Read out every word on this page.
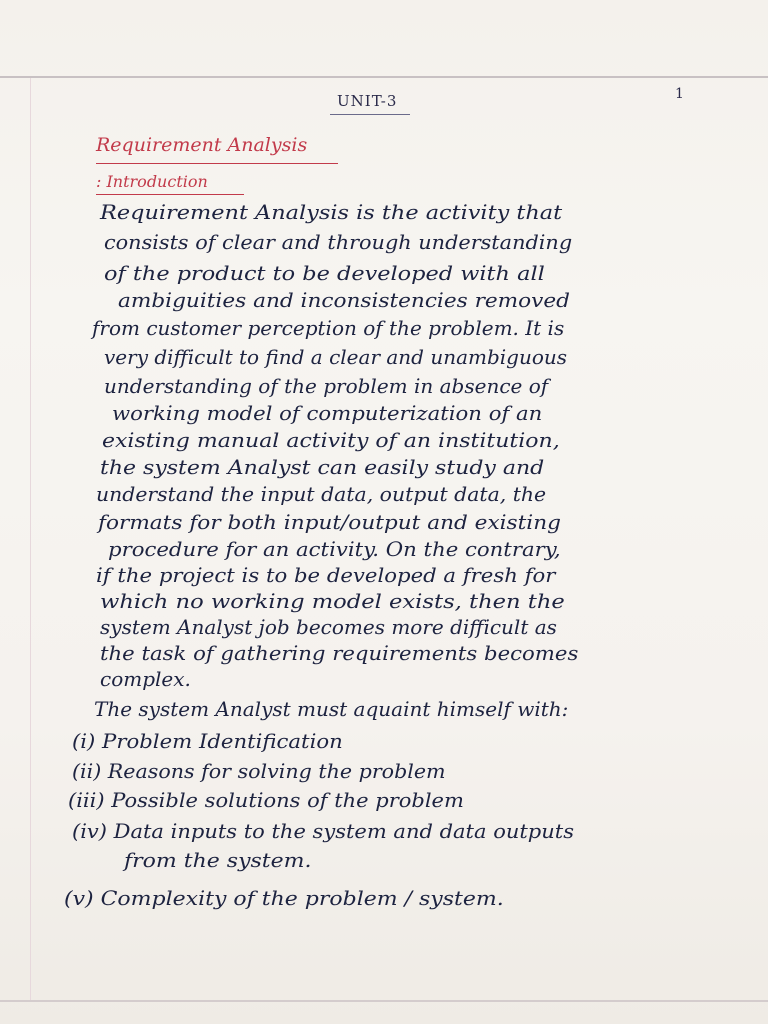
UNIT-3	1
Requirement Analysis
: Introduction
Requirement Analysis is the activity that
consists of clear and through understanding
of the product to be developed with all
ambiguities and inconsistencies removed
from customer perception of the problem. It is
very difficult to find a clear and unambiguous
understanding of the problem in absence of
working model of computerization of an
existing manual activity of an institution,
the system Analyst can easily study and
understand the input data, output data, the
formats for both input/output and existing
procedure for an activity. On the contrary,
if the project is to be developed a fresh for
which no working model exists, then the
system Analyst job becomes more difficult as
the task of gathering requirements becomes
complex.
The system Analyst must aquaint himself with:
(i) Problem Identification
(ii) Reasons for solving the problem
(iii) Possible solutions of the problem
(iv) Data inputs to the system and data outputs
from the system.
(v) Complexity of the problem / system.
